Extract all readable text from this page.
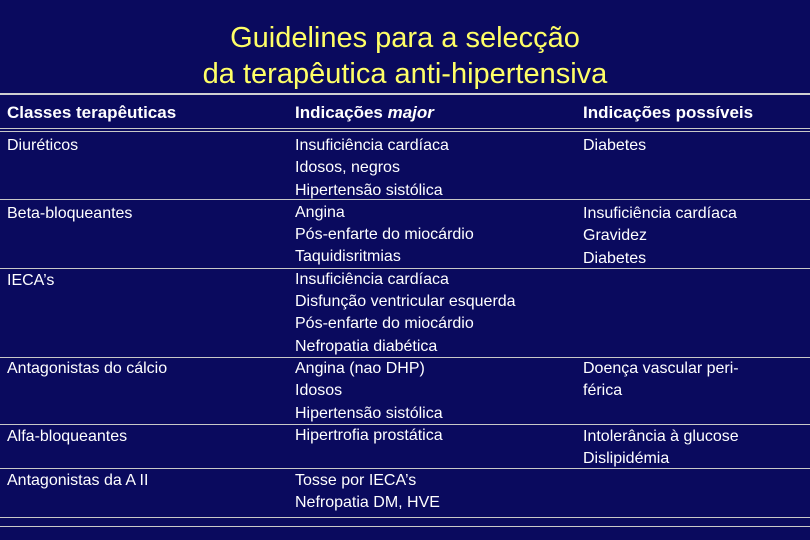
Guidelines para a selecção
da terapêutica anti-hipertensiva
Classes terapêuticas	Indicações major	Indicações possíveis
Diuréticos
Beta-bloqueantes
IECA’s
Antagonistas do cálcio
Alfa-bloqueantes
Antagonistas da A II
Insuficiência cardíaca
Idosos, negros
Hipertensão sistólica
Angina
Pós-enfarte do miocárdio
Taquidisritmias
Insuficiência cardíaca
Disfunção ventricular esquerda
Pós-enfarte do miocárdio
Nefropatia diabética
Angina (nao DHP)
Idosos
Hipertensão sistólica
Hipertrofia prostática
Tosse por IECA’s
Nefropatia DM, HVE
Diabetes
Insuficiência cardíaca
Gravidez
Diabetes
Doença vascular peri-
férica
Intolerância à glucose
Dislipidémia
